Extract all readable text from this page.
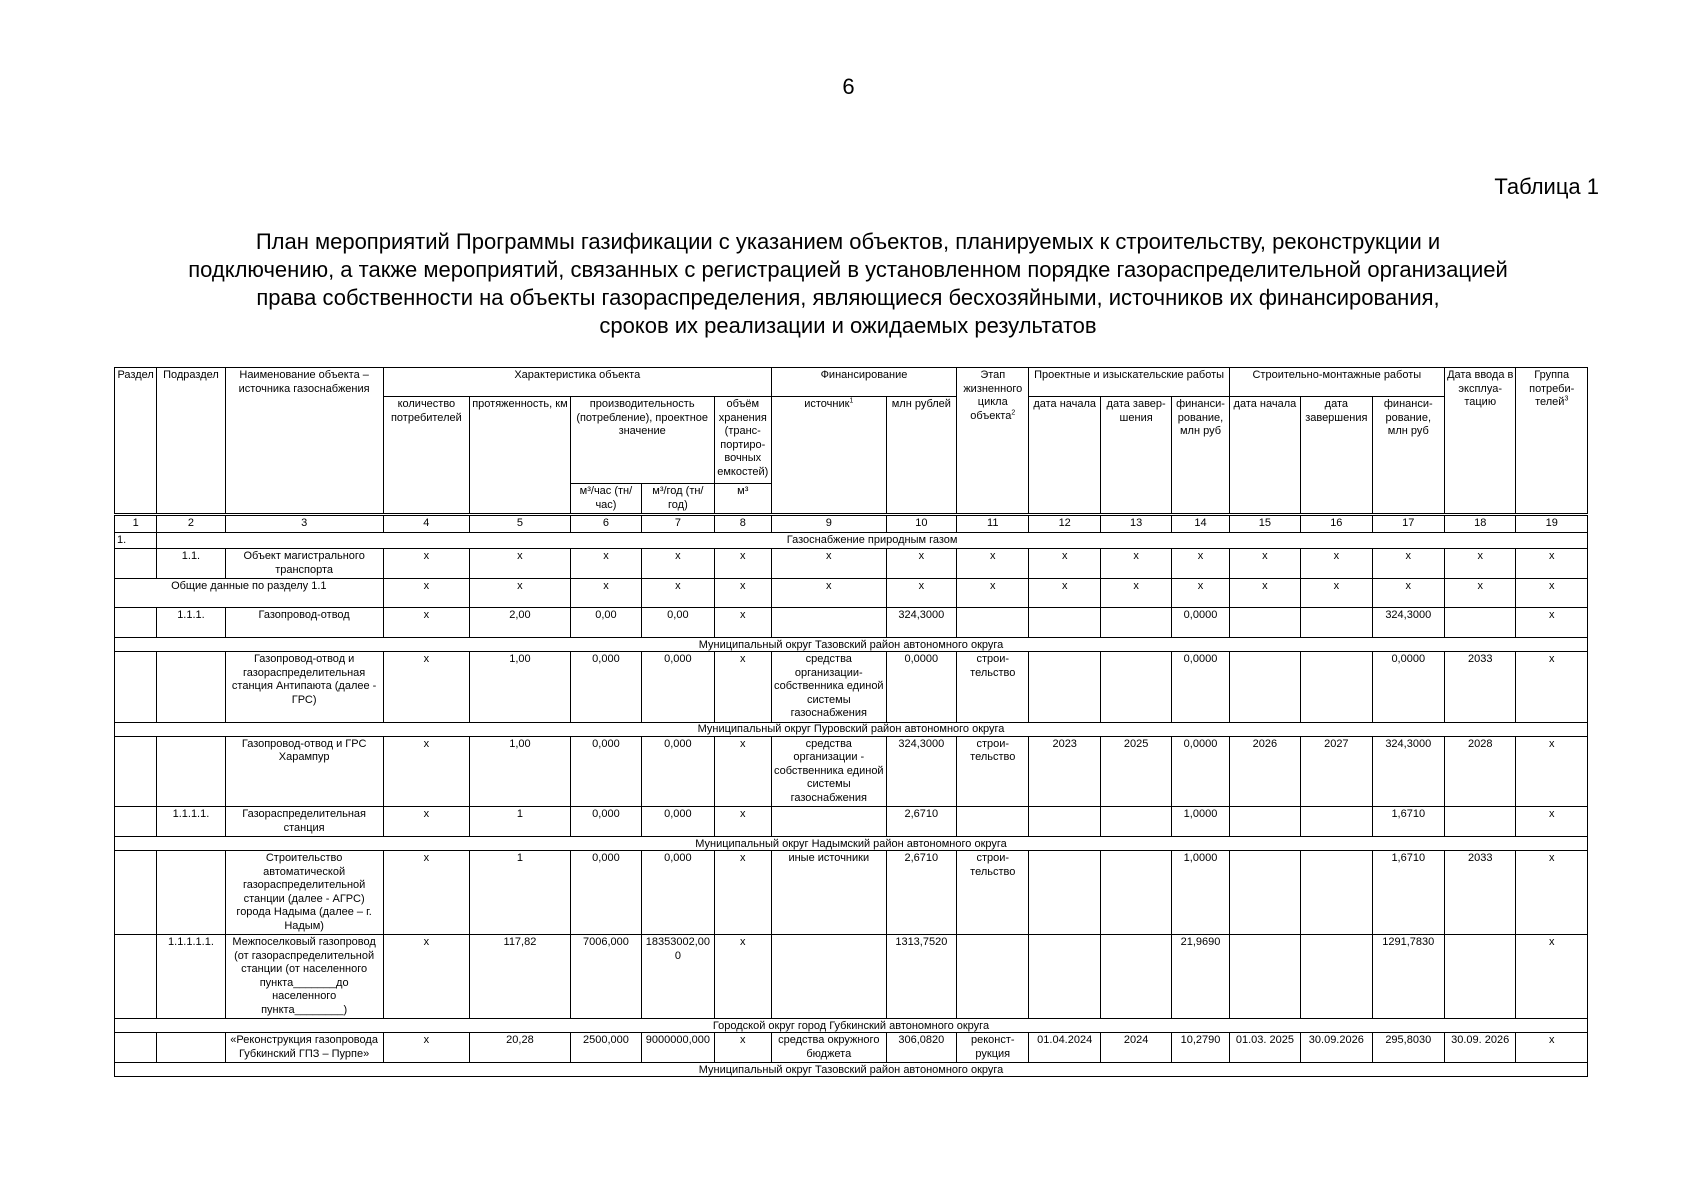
6
Таблица 1
План мероприятий Программы газификации с указанием объектов, планируемых к строительству, реконструкции и
подключению, а также мероприятий, связанных с регистрацией в установленном порядке газораспределительной организацией
права собственности на объекты газораспределения, являющиеся бесхозяйными, источников их финансирования,
сроков их реализации и ожидаемых результатов
Раздел	Подраздел	Наименование объекта – источника газоснабжения	Характеристика объекта					Финансирование		Этап жизненного цикла объекта$^2$	Проектные и изыскательские работы			Строительно-монтажные работы			Дата ввода в эксплуа-тацию	Группа потреби-телей$^3$
			количество потребителей	протяженность, км	производительность (потребление), проектное значение		объём хранения (транс-портиро-вочных емкостей)	источник$^1$	млн рублей		дата начала	дата завер-шения	финанси-рование, млн руб	дата начала	дата завершения	финанси-рование, млн руб		
					м³/час (тн/час)	м³/год (тн/год)	м³											
1	2	3	4	5	6	7	8	9	10	11	12	13	14	15	16	17	18	19
1.	Газоснабжение природным газом																	
	1.1.	Объект магистрального транспорта	х	х	х	х	х	х	х	х	х	х	х	х	х	х	х	х
Общие данные по разделу 1.1			х	х	х	х	х	х	х	х	х	х	х	х	х	х	х	х
	1.1.1.	Газопровод-отвод	х	2,00	0,00	0,00	х		324,3000				0,0000			324,3000		х
Муниципальный округ Тазовский район автономного округа																		
		Газопровод-отвод и газораспределительная станция Антипаюта (далее - ГРС)	х	1,00	0,000	0,000	х	средства организации-собственника единой системы газоснабжения	0,0000	строи-тельство			0,0000			0,0000	2033	х
Муниципальный округ Пуровский район автономного округа																		
		Газопровод-отвод и ГРС Харампур	х	1,00	0,000	0,000	х	средства организации - собственника единой системы газоснабжения	324,3000	строи-тельство	2023	2025	0,0000	2026	2027	324,3000	2028	х
	1.1.1.1.	Газораспределительная станция	х	1	0,000	0,000	х		2,6710				1,0000			1,6710		х
Муниципальный округ Надымский район автономного округа																		
		Строительство автоматической газораспределительной станции (далее - АГРС) города Надыма (далее – г. Надым)	х	1	0,000	0,000	х	иные источники	2,6710	строи-тельство			1,0000			1,6710	2033	х
	1.1.1.1.1.	Межпоселковый газопровод (от газораспределительной станции (от населенного пункта_______до населенного пункта________)	х	117,82	7006,000	18353002,000	х		1313,7520				21,9690			1291,7830		х
Городской округ город Губкинский автономного округа																		
		«Реконструкция газопровода Губкинский ГПЗ – Пурпе»	х	20,28	2500,000	9000000,000	х	средства окружного бюджета	306,0820	реконст-рукция	01.04.2024	2024	10,2790	01.03. 2025	30.09.2026	295,8030	30.09. 2026	х
Муниципальный округ Тазовский район автономного округа																		
